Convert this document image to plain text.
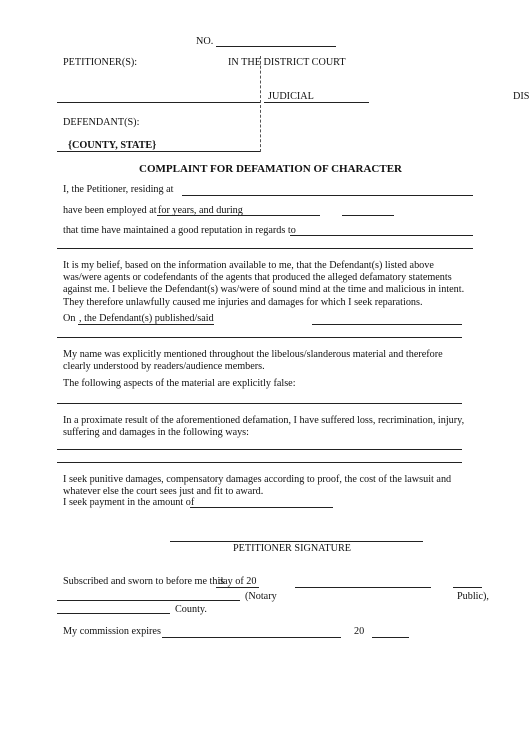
NO.
PETITIONER(S):	IN THE DISTRICT COURT
JUDICIAL	DIS
DEFENDANT(S):
{COUNTY, STATE}
COMPLAINT FOR DEFAMATION OF CHARACTER
I, the Petitioner, residing at
have been employed at for years, and during
that time have maintained a good reputation in regards to
It is my belief, based on the information available to me, that the Defendant(s) listed above was/were agents or codefendants of the agents that produced the alleged defamatory statements against me. I believe the Defendant(s) was/were of sound mind at the time and malicious in intent. They therefore unlawfully caused me injuries and damages for which I seek reparations.
On , the Defendant(s) published/said
My name was explicitly mentioned throughout the libelous/slanderous material and therefore clearly understood by readers/audience members.
The following aspects of the material are explicitly false:
In a proximate result of the aforementioned defamation, I have suffered loss, recrimination, injury, suffering and damages in the following ways:
I seek punitive damages, compensatory damages according to proof, the cost of the lawsuit and whatever else the court sees just and fit to award.
I seek payment in the amount of
PETITIONER SIGNATURE
Subscribed and sworn to before me this
day of 20
(Notary	Public),
County.
My commission expires	20
